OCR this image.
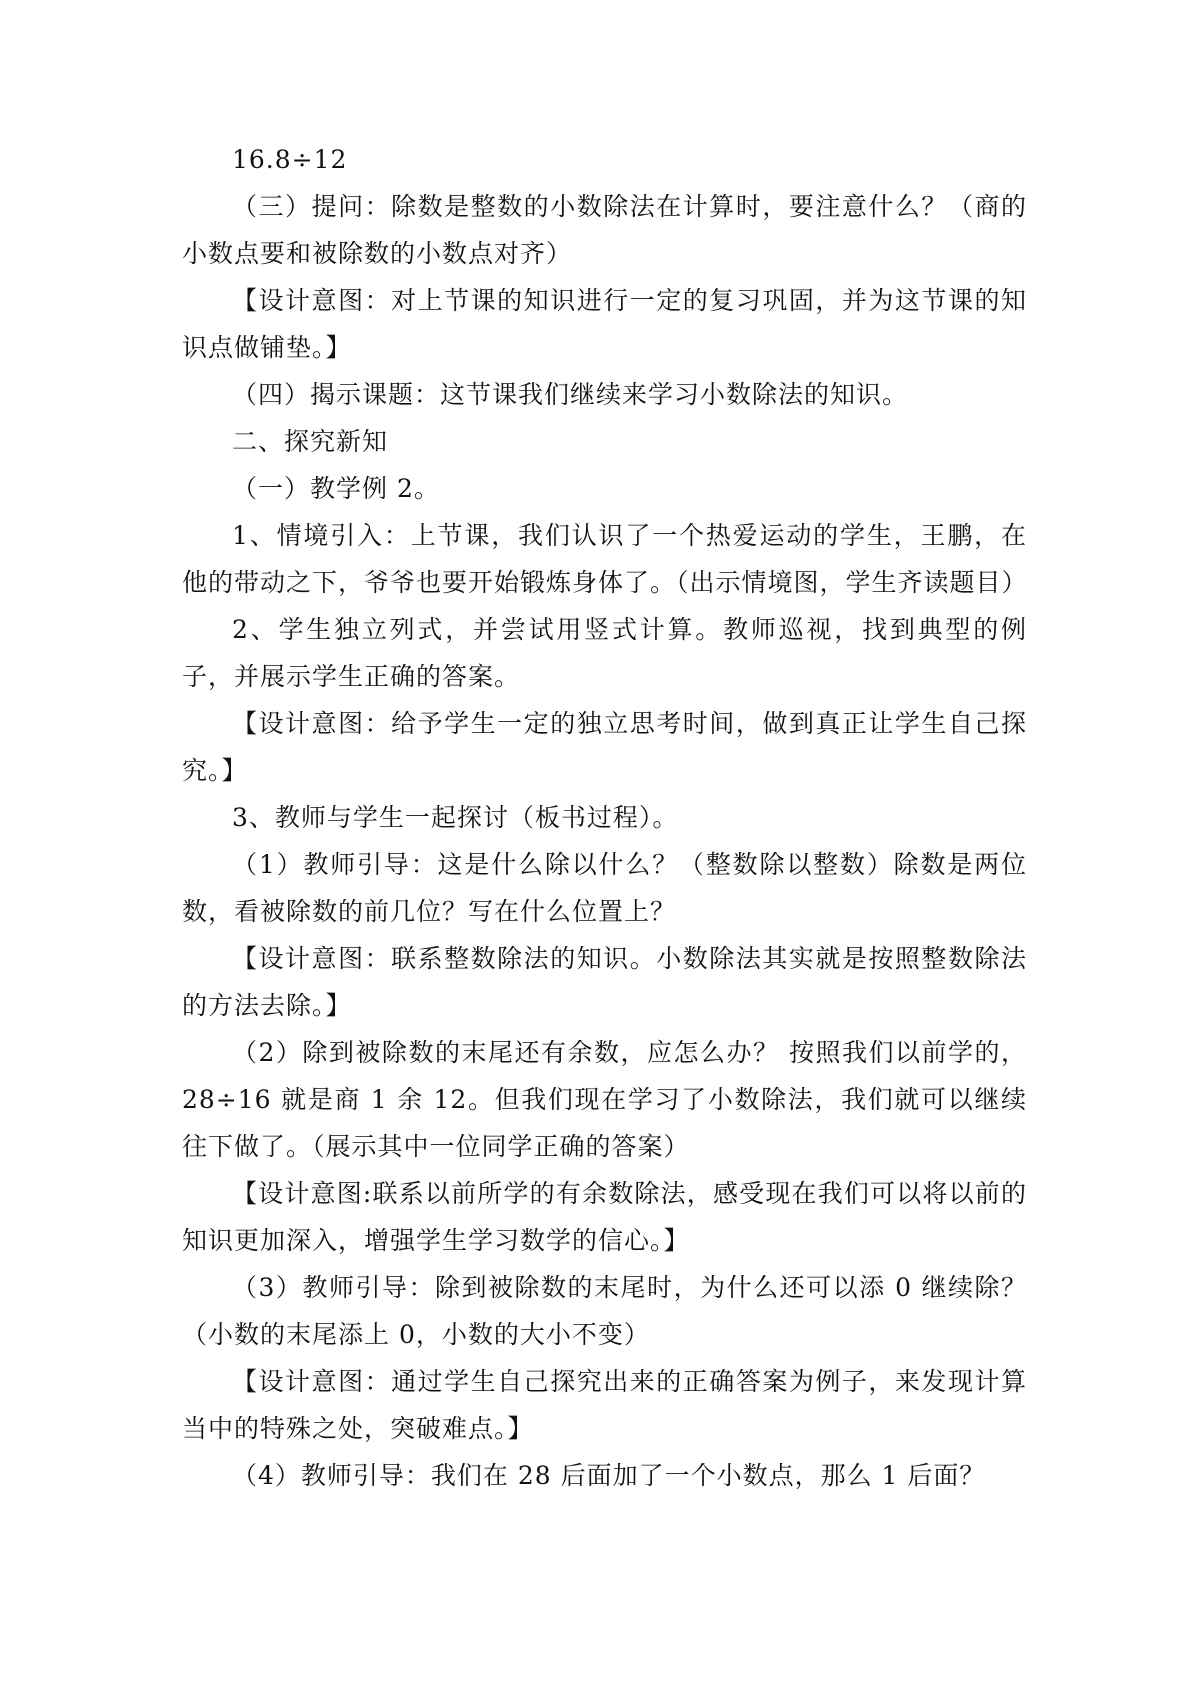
16.8÷12

（三）提问：除数是整数的小数除法在计算时，要注意什么？（商的小数点要和被除数的小数点对齐）

【设计意图：对上节课的知识进行一定的复习巩固，并为这节课的知识点做铺垫。】

（四）揭示课题：这节课我们继续来学习小数除法的知识。

二、探究新知

（一）教学例 2。

1、情境引入：上节课，我们认识了一个热爱运动的学生，王鹏，在他的带动之下，爷爷也要开始锻炼身体了。（出示情境图，学生齐读题目）

2、学生独立列式，并尝试用竖式计算。教师巡视，找到典型的例子，并展示学生正确的答案。

【设计意图：给予学生一定的独立思考时间，做到真正让学生自己探究。】

3、教师与学生一起探讨（板书过程）。

（1）教师引导：这是什么除以什么？（整数除以整数）除数是两位数，看被除数的前几位？写在什么位置上？

【设计意图：联系整数除法的知识。小数除法其实就是按照整数除法的方法去除。】

（2）除到被除数的末尾还有余数，应怎么办？ 按照我们以前学的，28÷16 就是商 1 余 12。但我们现在学习了小数除法，我们就可以继续往下做了。（展示其中一位同学正确的答案）

【设计意图:联系以前所学的有余数除法，感受现在我们可以将以前的知识更加深入，增强学生学习数学的信心。】

（3）教师引导：除到被除数的末尾时，为什么还可以添 0 继续除？（小数的末尾添上 0，小数的大小不变）

【设计意图：通过学生自己探究出来的正确答案为例子，来发现计算当中的特殊之处，突破难点。】

（4）教师引导：我们在 28 后面加了一个小数点，那么 1 后面？
